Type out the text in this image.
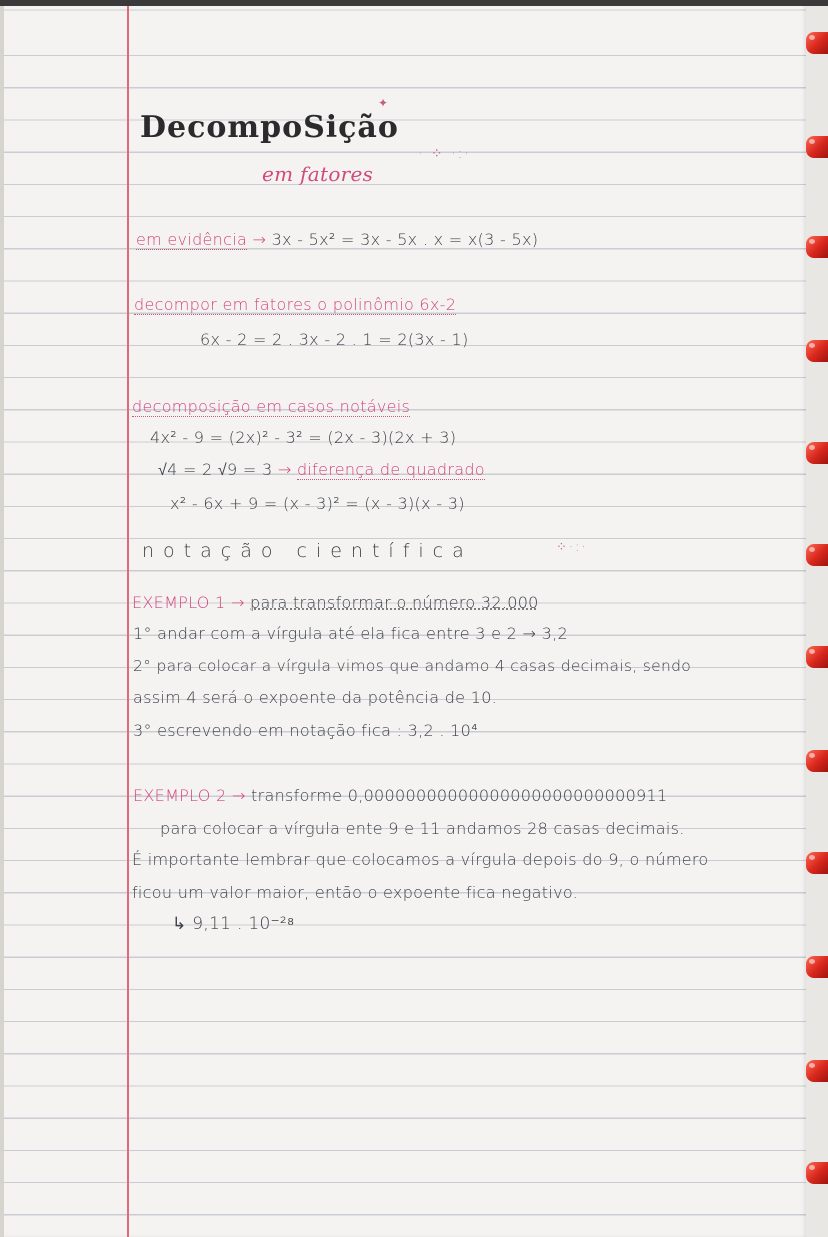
DecompoSição
em fatores
✦
· ⁘ ·:·
em evidência → 3x - 5x² = 3x - 5x . x = x(3 - 5x)
decompor em fatores o polinômio 6x-2
6x - 2 = 2 . 3x - 2 . 1 = 2(3x - 1)
decomposição em casos notáveis
4x² - 9 = (2x)² - 3² = (2x - 3)(2x + 3)
√4 = 2 √9 = 3 → diferença de quadrado
x² - 6x + 9 = (x - 3)² = (x - 3)(x - 3)
notação científica	⁘·:·
EXEMPLO 1 → para transformar o número 32.000
1° andar com a vírgula até ela fica entre 3 e 2 → 3,2
2° para colocar a vírgula vimos que andamo 4 casas decimais, sendo
assim 4 será o expoente da potência de 10.
3° escrevendo em notação fica : 3,2 . 10⁴
EXEMPLO 2 → transforme 0,00000000000000000000000000911
para colocar a vírgula ente 9 e 11 andamos 28 casas decimais.
É importante lembrar que colocamos a vírgula depois do 9, o número
ficou um valor maior, então o expoente fica negativo.
↳ 9,11 . 10⁻²⁸
